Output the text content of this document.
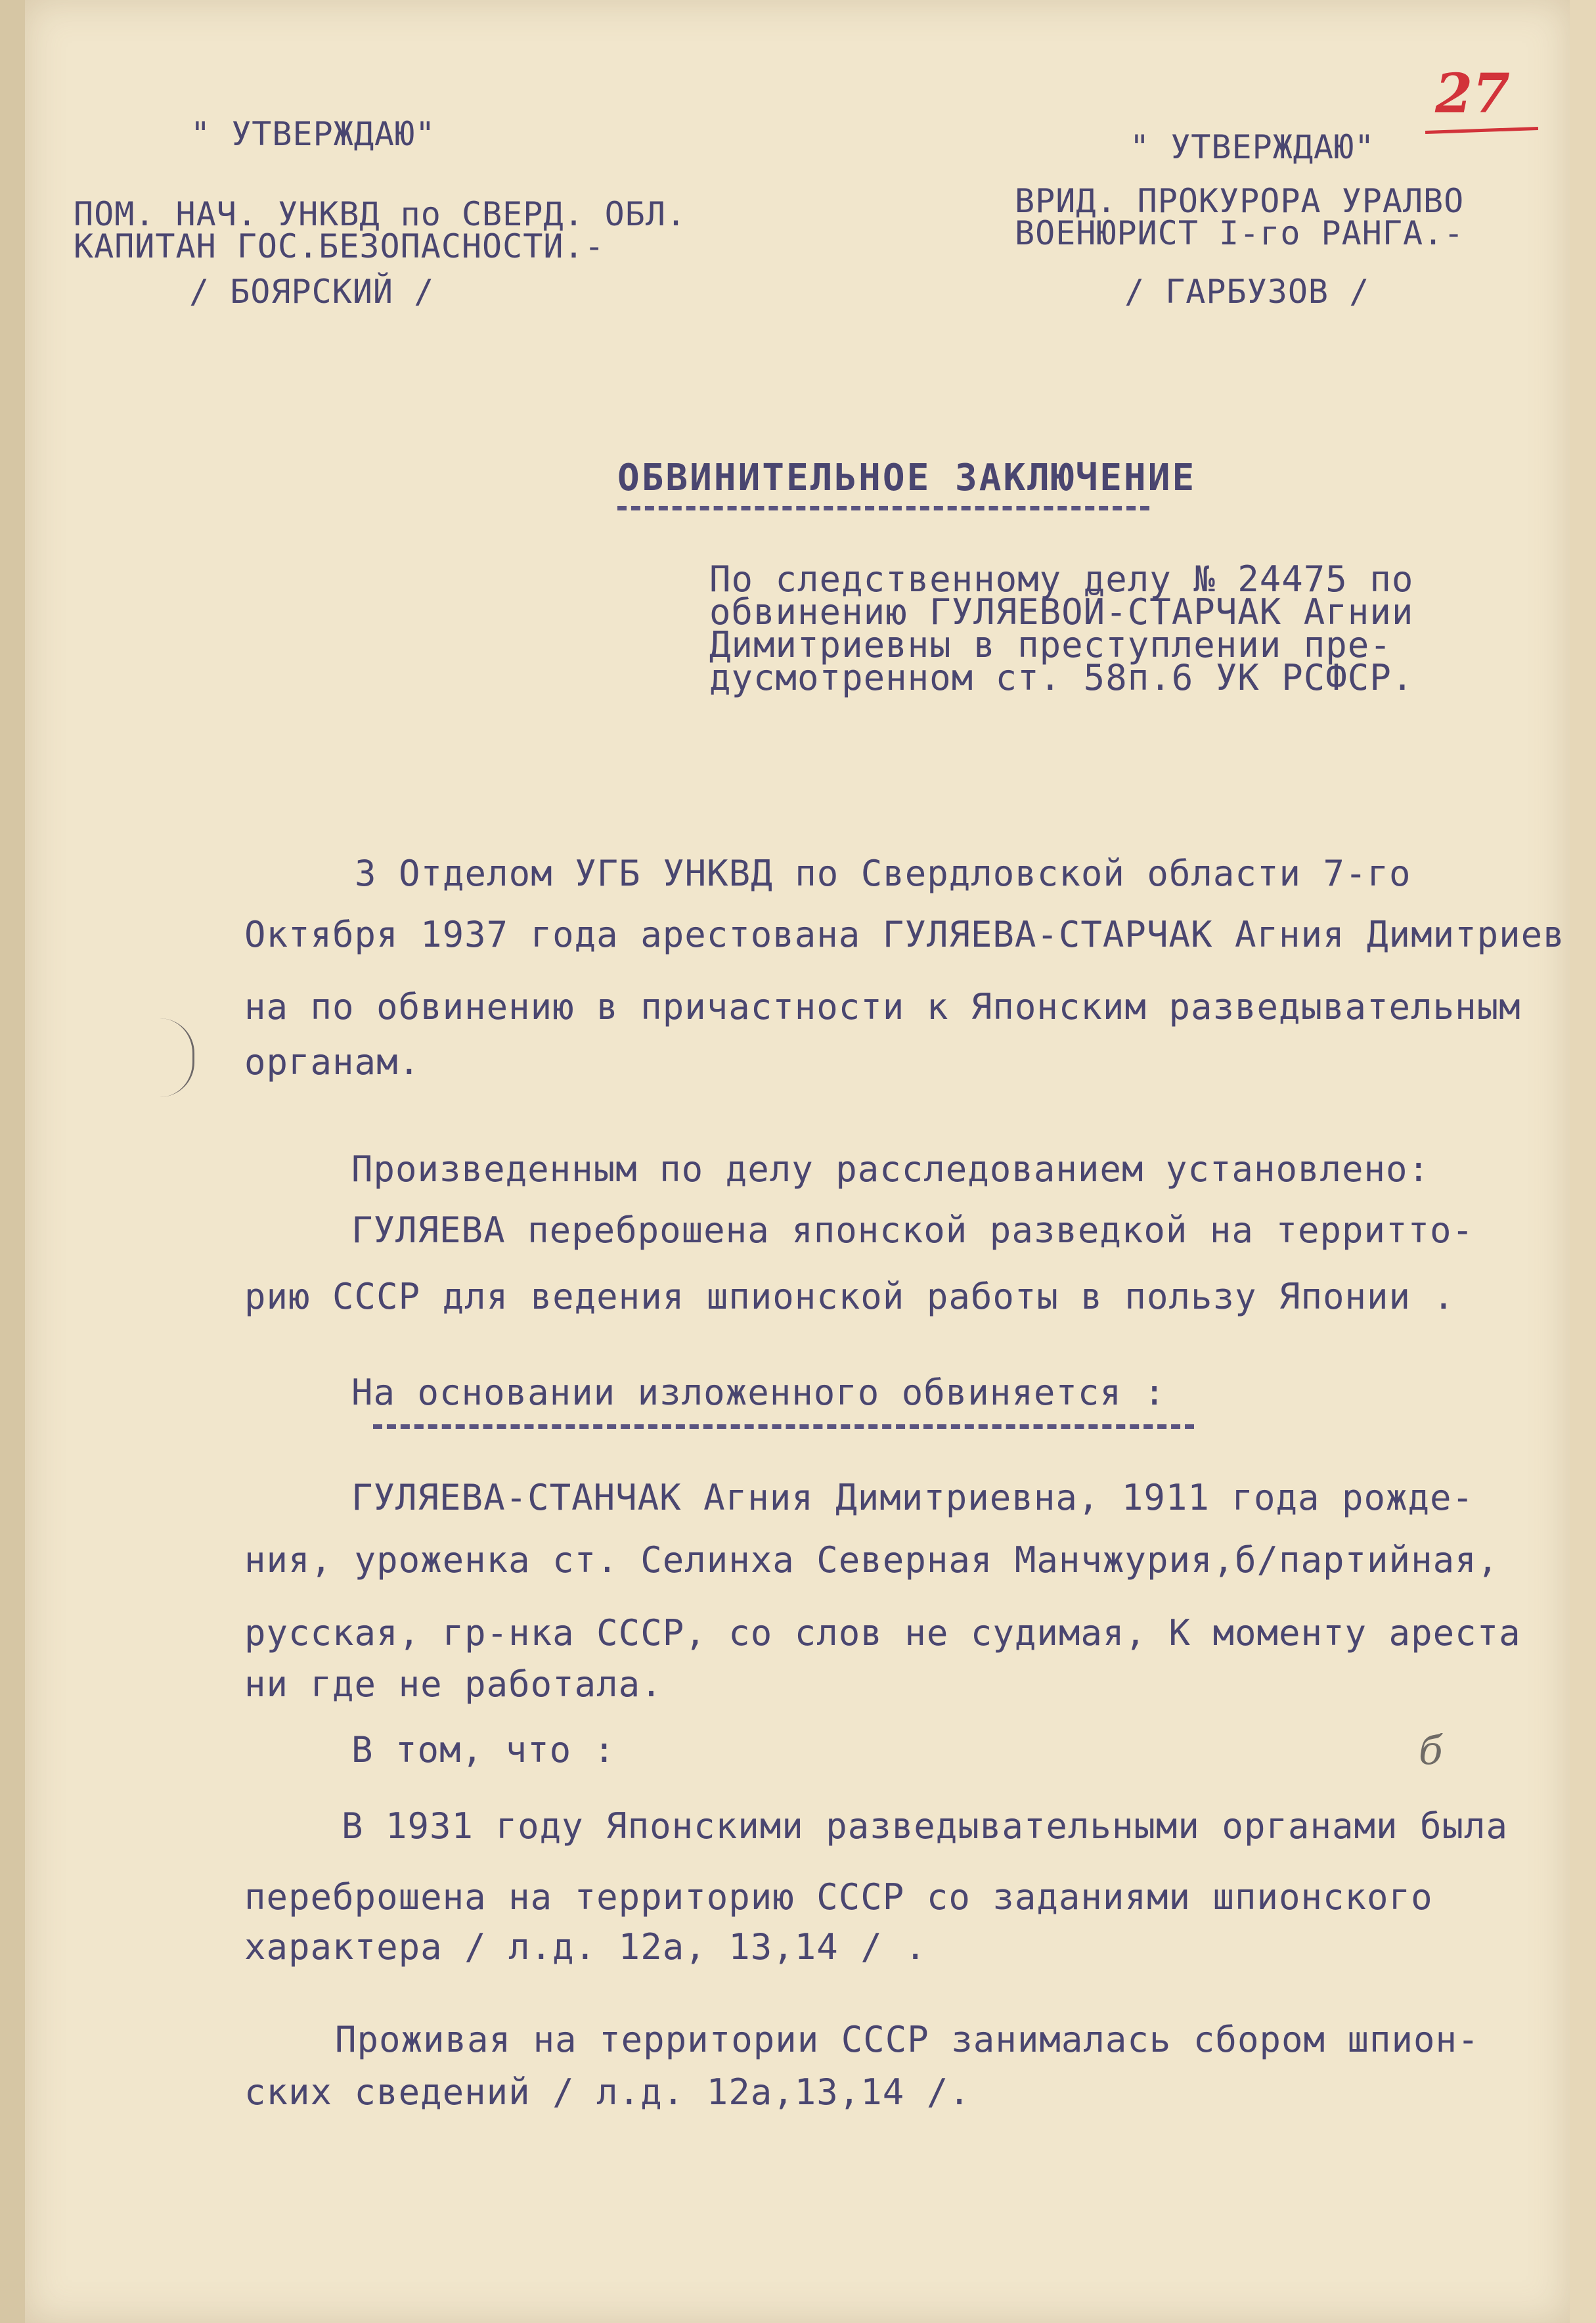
27
" УТВЕРЖДАЮ"
ПОМ. НАЧ. УНКВД по СВЕРД. ОБЛ.
КАПИТАН ГОС.БЕЗОПАСНОСТИ.-
/ БОЯРСКИЙ /
" УТВЕРЖДАЮ"
ВРИД. ПРОКУРОРА УРАЛВО
ВОЕНЮРИСТ I-го РАНГА.-
/ ГАРБУЗОВ /
ОБВИНИТЕЛЬНОЕ ЗАКЛЮЧЕНИЕ
По следственному делу № 24475 по
обвинению ГУЛЯЕВОЙ-СТАРЧАК Агнии
Димитриевны в преступлении пре-
дусмотренном ст. 58п.6 УК РСФСР.
3 Отделом УГБ УНКВД по Свердловской области 7-го
Октября 1937 года арестована ГУЛЯЕВА-СТАРЧАК Агния Димитриев
на по обвинению в причастности к Японским разведывательным
органам.
Произведенным по делу расследованием установлено:
ГУЛЯЕВА переброшена японской разведкой на территто-
рию СССР для ведения шпионской работы в пользу Японии .
На основании изложенного обвиняется :
ГУЛЯЕВА-СТАНЧАК Агния Димитриевна, 1911 года рожде-
ния, уроженка ст. Селинха Северная Манчжурия,б/партийная,
русская, гр-нка СССР, со слов не судимая, К моменту ареста
ни где не работала.
В том, что :	б
В 1931 году Японскими разведывательными органами была
переброшена на территорию СССР со заданиями шпионского
характера / л.д. 12а, 13,14 / .
Проживая на территории СССР занималась сбором шпион-
ских сведений / л.д. 12а,13,14 /.
